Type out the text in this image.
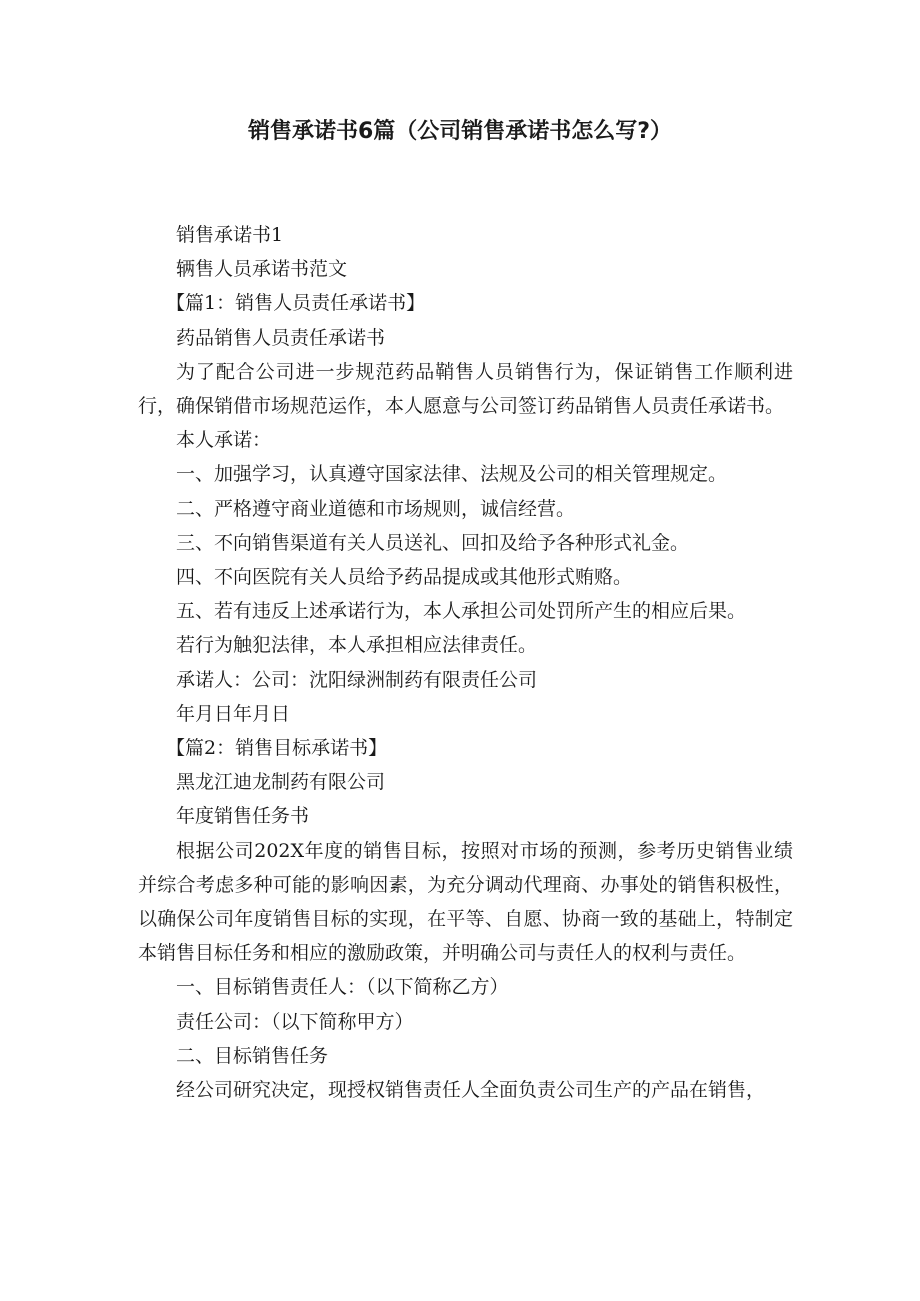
销售承诺书6篇（公司销售承诺书怎么写?）

销售承诺书1

辆售人员承诺书范文

【篇1：销售人员责任承诺书】

药品销售人员责任承诺书

为了配合公司进一步规范药品鞘售人员销售行为，保证销售工作顺利进行，确保销借市场规范运作，本人愿意与公司签订药品销售人员责任承诺书。

本人承诺：

一、加强学习，认真遵守国家法律、法规及公司的相关管理规定。

二、严格遵守商业道德和市场规则，诚信经营。

三、不向销售渠道有关人员送礼、回扣及给予各种形式礼金。

四、不向医院有关人员给予药品提成或其他形式贿赂。

五、若有违反上述承诺行为，本人承担公司处罚所产生的相应后果。

若行为触犯法律，本人承担相应法律责任。

承诺人：公司：沈阳绿洲制药有限责任公司

年月日年月日

【篇2：销售目标承诺书】

黑龙江迪龙制药有限公司

年度销售任务书

根据公司202X年度的销售目标，按照对市场的预测，参考历史销售业绩并综合考虑多种可能的影响因素，为充分调动代理商、办事处的销售积极性，以确保公司年度销售目标的实现，在平等、自愿、协商一致的基础上，特制定本销售目标任务和相应的激励政策，并明确公司与责任人的权利与责任。

一、目标销售责任人：（以下简称乙方）

责任公司：（以下简称甲方）

二、目标销售任务

经公司研究决定，现授权销售责任人全面负责公司生产的产品在销售，
